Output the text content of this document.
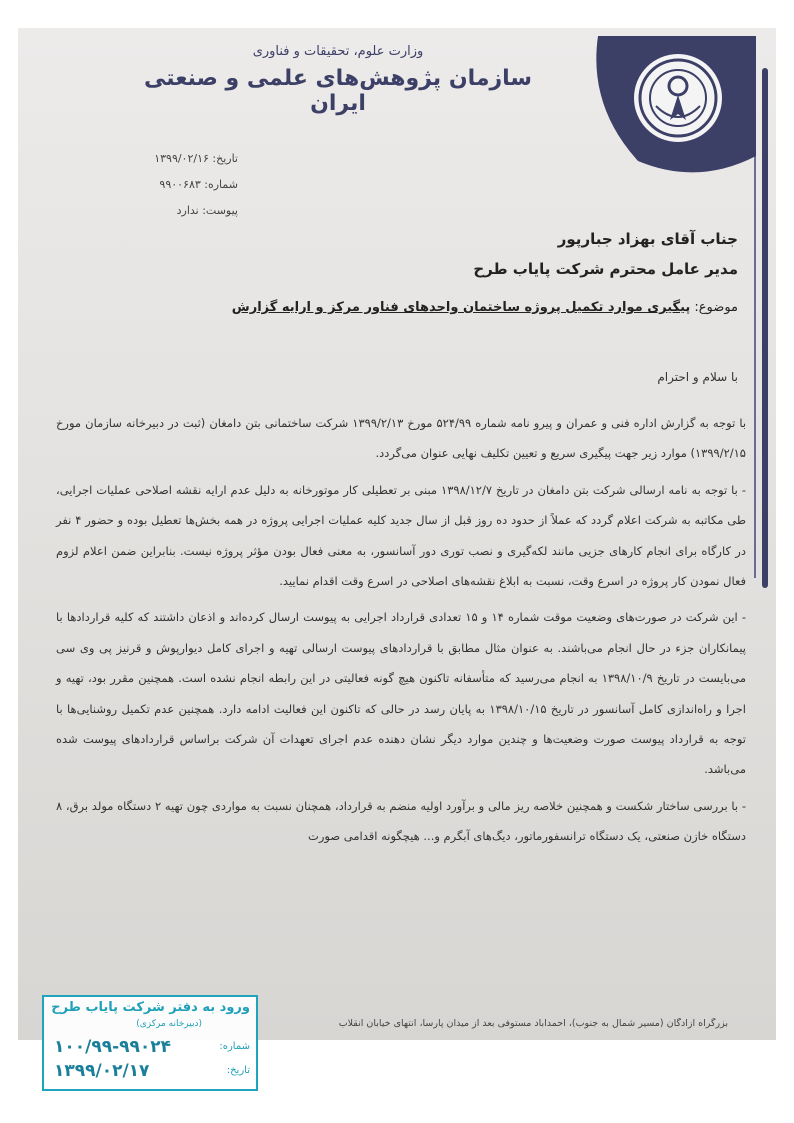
وزارت علوم، تحقیقات و فناوری
سازمان پژوهش‌های علمی و صنعتی ایران
تاریخ: ۱۳۹۹/۰۲/۱۶
شماره: ۹۹۰۰۶۸۳
پیوست: ندارد
جناب آقای بهزاد جبارپور
مدیر عامل محترم شرکت پایاب طرح
موضوع: پیگیری موارد تکمیل پروژه ساختمان واحدهای فناور مرکز و ارایه گزارش
با سلام و احترام

با توجه به گزارش اداره فنی و عمران و پیرو نامه شماره ۵۲۴/۹۹ مورخ ۱۳۹۹/۲/۱۳ شرکت ساختمانی بتن دامغان (ثبت در دبیرخانه سازمان مورخ ۱۳۹۹/۲/۱۵) موارد زیر جهت پیگیری سریع و تعیین تکلیف نهایی عنوان می‌گردد.

- با توجه به نامه ارسالی شرکت بتن دامغان در تاریخ ۱۳۹۸/۱۲/۷ مبنی بر تعطیلی کار موتورخانه به دلیل عدم ارایه نقشه اصلاحی عملیات اجرایی، طی مکاتبه به شرکت اعلام گردد که عملاً از حدود ده روز قبل از سال جدید کلیه عملیات اجرایی پروژه در همه بخش‌ها تعطیل بوده و حضور ۴ نفر در کارگاه برای انجام کارهای جزیی مانند لکه‌گیری و نصب توری دور آسانسور، به معنی فعال بودن مؤثر پروژه نیست. بنابراین ضمن اعلام لزوم فعال نمودن کار پروژه در اسرع وقت، نسبت به ابلاغ نقشه‌های اصلاحی در اسرع وقت اقدام نمایید.

- این شرکت در صورت‌های وضعیت موقت شماره ۱۴ و ۱۵ تعدادی قرارداد اجرایی به پیوست ارسال کرده‌اند و اذعان داشتند که کلیه قراردادها با پیمانکاران جزء در حال انجام می‌باشند. به عنوان مثال مطابق با قراردادهای پیوست ارسالی تهیه و اجرای کامل دیوارپوش و قرنیز پی وی سی می‌بایست در تاریخ ۱۳۹۸/۱۰/۹ به انجام می‌رسید که متأسفانه تاکنون هیچ گونه فعالیتی در این رابطه انجام نشده است. همچنین مقرر بود، تهیه و اجرا و راه‌اندازی کامل آسانسور در تاریخ ۱۳۹۸/۱۰/۱۵ به پایان رسد در حالی که تاکنون این فعالیت ادامه دارد. همچنین عدم تکمیل روشنایی‌ها با توجه به قرارداد پیوست صورت وضعیت‌ها و چندین موارد دیگر نشان دهنده عدم اجرای تعهدات آن شرکت براساس قراردادهای پیوست شده می‌باشد.

- با بررسی ساختار شکست و همچنین خلاصه ریز مالی و برآورد اولیه منضم به قرارداد، همچنان نسبت به مواردی چون تهیه ۲ دستگاه مولد برق، ۸ دستگاه خازن صنعتی، یک دستگاه ترانسفورماتور، دیگ‌های آبگرم و... هیچگونه اقدامی صورت

بزرگراه آزادگان (مسیر شمال به جنوب)، احمدآباد مستوفی بعد از میدان پارسا، انتهای خیابان انقلاب
ورود به دفتر شرکت پایاب طرح
(دبیرخانه مرکزی)
شماره:
۱۰۰/۹۹-۹۹۰۲۴
تاریخ:
۱۳۹۹/۰۲/۱۷
